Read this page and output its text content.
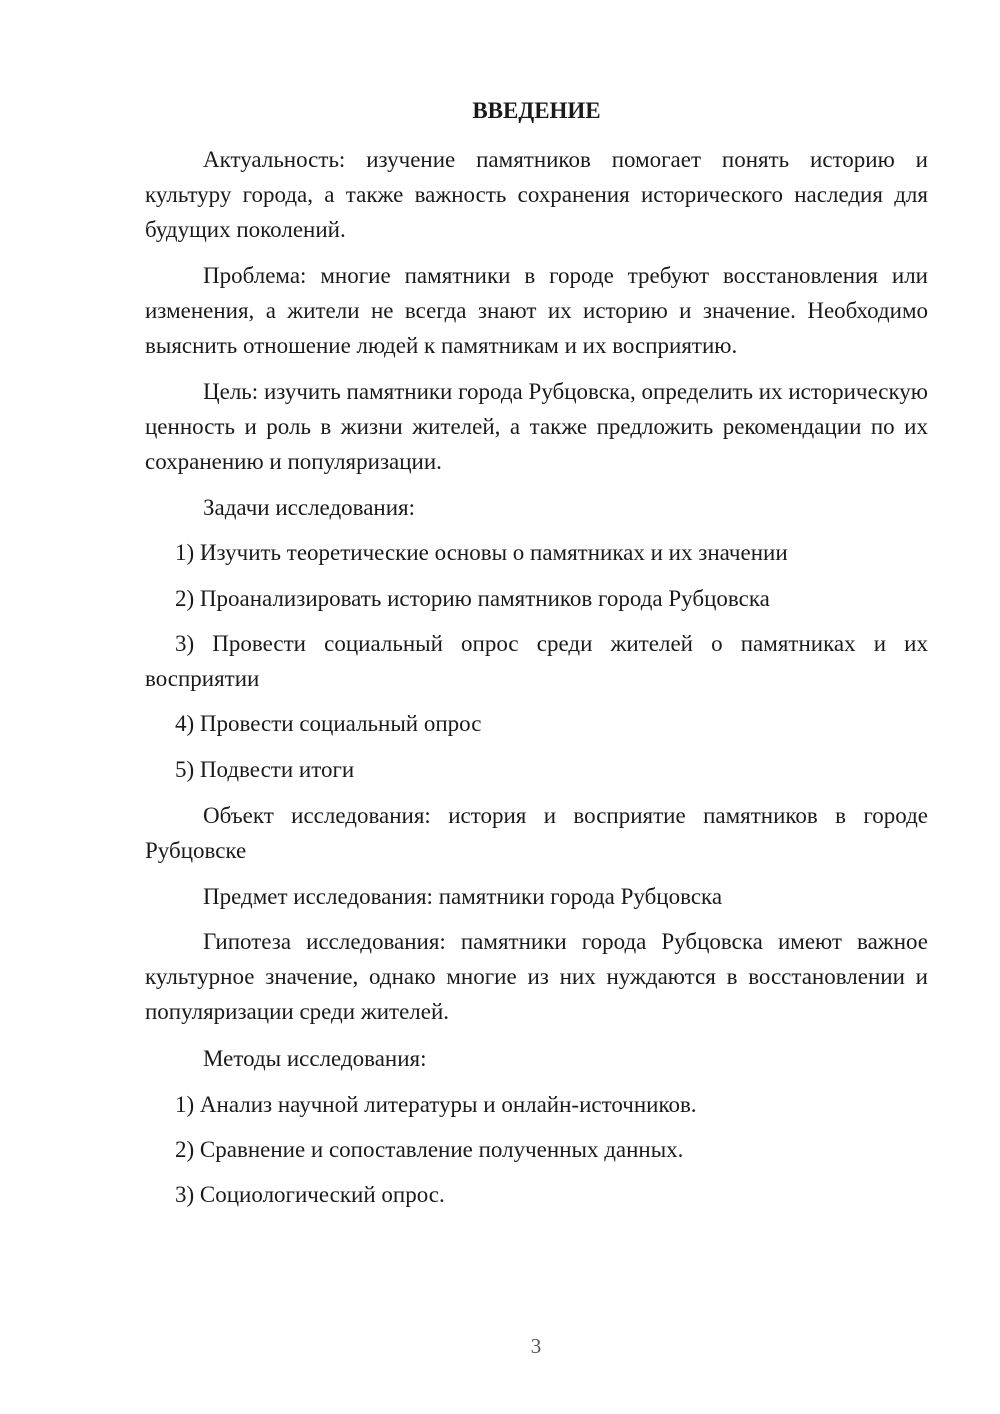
ВВЕДЕНИЕ

Актуальность: изучение памятников помогает понять историю и культуру города, а также важность сохранения исторического наследия для будущих поколений.

Проблема: многие памятники в городе требуют восстановления или изменения, а жители не всегда знают их историю и значение. Необходимо выяснить отношение людей к памятникам и их восприятию.

Цель: изучить памятники города Рубцовска, определить их историческую ценность и роль в жизни жителей, а также предложить рекомендации по их сохранению и популяризации.

Задачи исследования:

1) Изучить теоретические основы о памятниках и их значении

2) Проанализировать историю памятников города Рубцовска

3) Провести социальный опрос среди жителей о памятниках и их восприятии

4) Провести социальный опрос

5) Подвести итоги

Объект исследования: история и восприятие памятников в городе Рубцовске

Предмет исследования: памятники города Рубцовска

Гипотеза исследования: памятники города Рубцовска имеют важное культурное значение, однако многие из них нуждаются в восстановлении и популяризации среди жителей.

Методы исследования:

1) Анализ научной литературы и онлайн-источников.

2) Сравнение и сопоставление полученных данных.

3) Социологический опрос.

3
